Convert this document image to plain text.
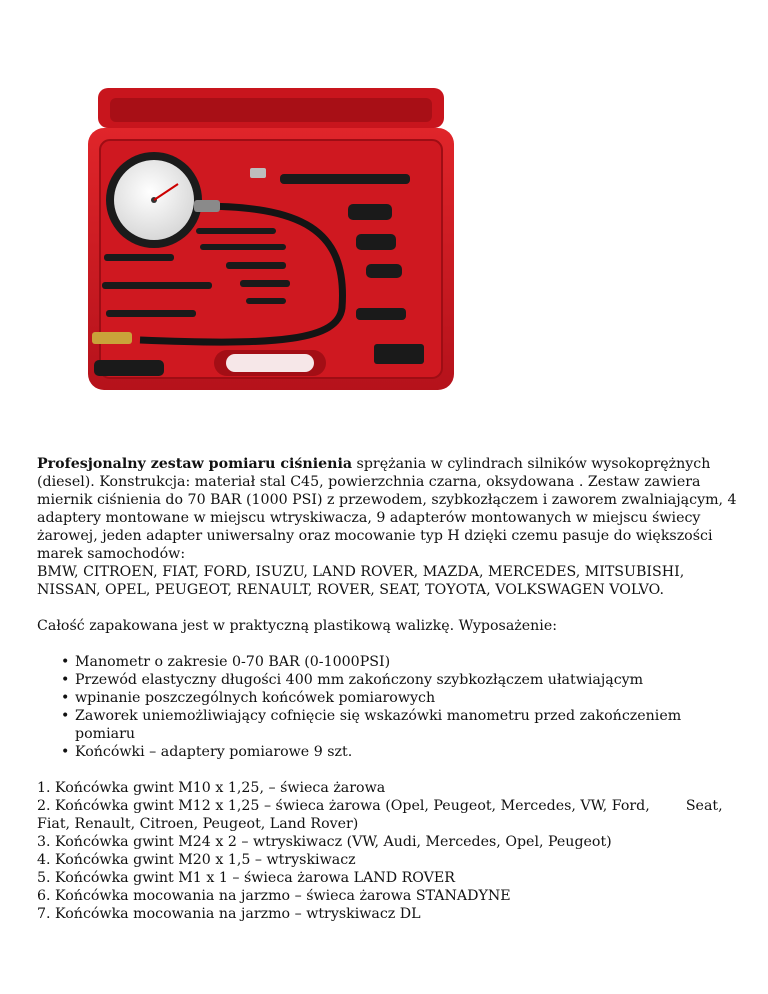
Profesjonalny zestaw pomiaru ciśnienia sprężania w cylindrach silników wysokoprężnych (diesel). Konstrukcja: materiał stal C45, powierzchnia czarna, oksydowana . Zestaw zawiera miernik ciśnienia do 70 BAR (1000 PSI) z przewodem, szybkozłączem i zaworem zwalniającym, 4 adaptery montowane w miejscu wtryskiwacza, 9 adapterów montowanych w miejscu świecy żarowej, jeden adapter uniwersalny oraz mocowanie typ H dzięki czemu pasuje do większości marek samochodów:

BMW, CITROEN, FIAT, FORD, ISUZU, LAND ROVER, MAZDA, MERCEDES, MITSUBISHI, NISSAN, OPEL, PEUGEOT, RENAULT, ROVER, SEAT, TOYOTA, VOLKSWAGEN VOLVO.

Całość zapakowana jest w praktyczną plastikową walizkę. Wyposażenie:

• Manometr o zakresie 0-70 BAR (0-1000PSI)
• Przewód elastyczny długości 400 mm zakończony szybkozłączem ułatwiającym
• wpinanie poszczególnych końcówek pomiarowych
• Zaworek uniemożliwiający cofnięcie się wskazówki manometru przed zakończeniem pomiaru
• Końcówki – adaptery pomiarowe 9 szt.
1. Końcówka gwint M10 x 1,25, – świeca żarowa
2. Końcówka gwint M12 x 1,25 – świeca żarowa (Opel, Peugeot, Mercedes, VW, Ford,        Seat, Fiat, Renault, Citroen, Peugeot, Land Rover)
3. Końcówka gwint M24 x 2 – wtryskiwacz (VW, Audi, Mercedes, Opel, Peugeot)
4. Końcówka gwint M20 x 1,5 – wtryskiwacz
5. Końcówka gwint M1 x 1 – świeca żarowa LAND ROVER
6. Końcówka mocowania na jarzmo – świeca żarowa STANADYNE
7. Końcówka mocowania na jarzmo – wtryskiwacz DL
